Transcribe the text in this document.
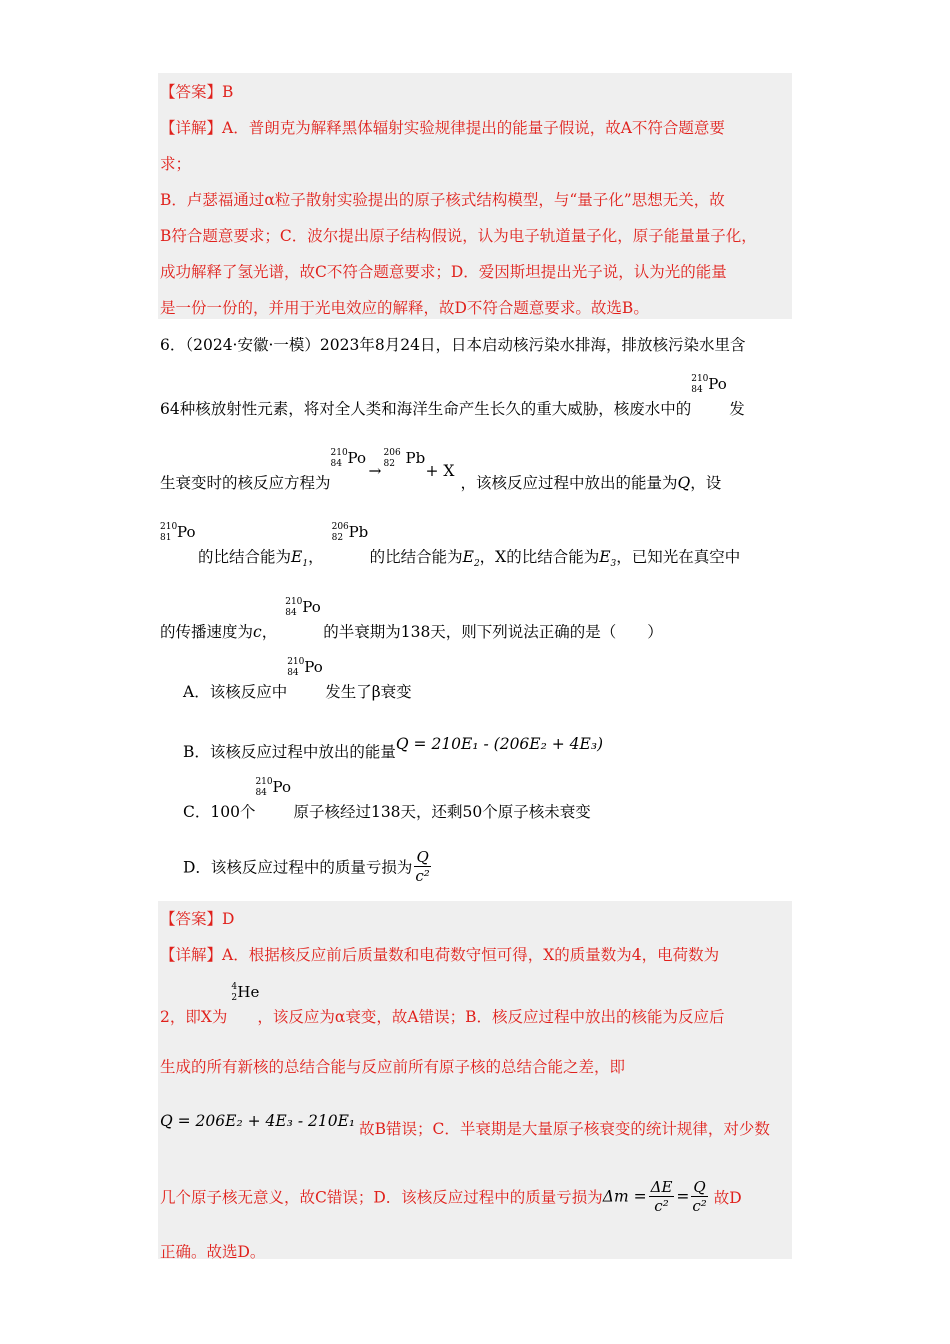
【答案】B
【详解】A．普朗克为解释黑体辐射实验规律提出的能量子假说，故A不符合题意要
求；
B．卢瑟福通过α粒子散射实验提出的原子核式结构模型，与“量子化”思想无关，故
B符合题意要求；C．波尔提出原子结构假说，认为电子轨道量子化，原子能量量子化，
成功解释了氢光谱，故C不符合题意要求；D．爱因斯坦提出光子说，认为光的能量
是一份一份的，并用于光电效应的解释，故D不符合题意要求。故选B。
6．（2024·安徽·一模）2023年8月24日，日本启动核污染水排海，排放核污染水里含
64种核放射性元素，将对全人类和海洋生命产生长久的重大威胁，核废水中的
210
84 Po
发
生衰变时的核反应方程为
210
84 Po
→
206
82 Pb
+ X，该核反应过程中放出的能量为Q，设
210
81 Po
的比结合能为$E_1$，
206
82 Pb
的比结合能为$E_2$，X的比结合能为$E_3$，已知光在真空中
的传播速度为c，
210
84 Po
的半衰期为138天，则下列说法正确的是（　　）
A．该核反应中
210
84 Po
发生了β衰变
B．该核反应过程中放出的能量Q = 210E₁ - (206E₂ + 4E₃)
C．100个
210
84 Po
原子核经过138天，还剩50个原子核未衰变
D．该核反应过程中的质量亏损为 $\frac{Q}{\text{c²}}$
【答案】D
【详解】A．根据核反应前后质量数和电荷数守恒可得，X的质量数为4，电荷数为
2，即X为
4
2 He
，该反应为α衰变，故A错误；B．核反应过程中放出的核能为反应后
生成的所有新核的总结合能与反应前所有原子核的总结合能之差，即
Q = 206E₂ + 4E₃ - 210E₁ 故B错误；C．半衰期是大量原子核衰变的统计规律，对少数
几个原子核无意义，故C错误；D．该核反应过程中的质量亏损为$\Delta m = \frac{\Delta E}{\text{c²}} = \frac{Q}{\text{c²}}$ 故D
正确。故选D。
